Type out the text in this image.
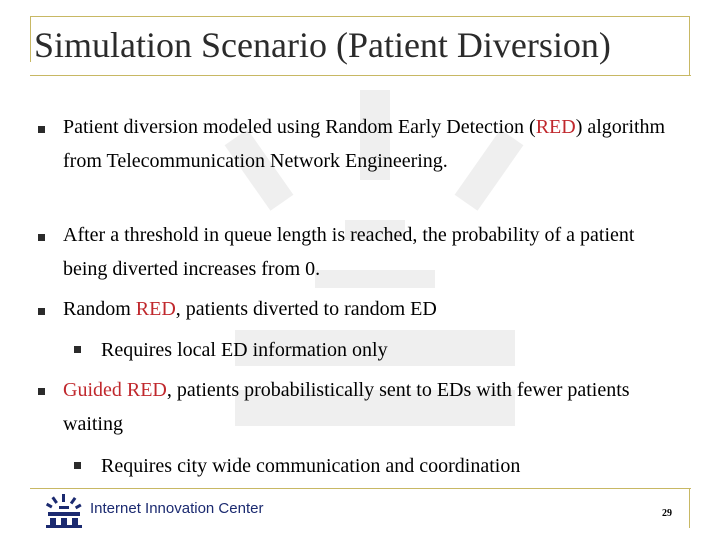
Simulation Scenario (Patient Diversion)
Patient diversion modeled using Random Early Detection (RED) algorithm from Telecommunication Network Engineering.
After a threshold in queue length is reached, the probability of a patient being diverted increases from 0.
Random RED, patients diverted to random ED
Requires local ED information only
Guided RED, patients probabilistically sent to EDs with fewer patients waiting
Requires city wide communication and coordination
Internet Innovation Center	29
